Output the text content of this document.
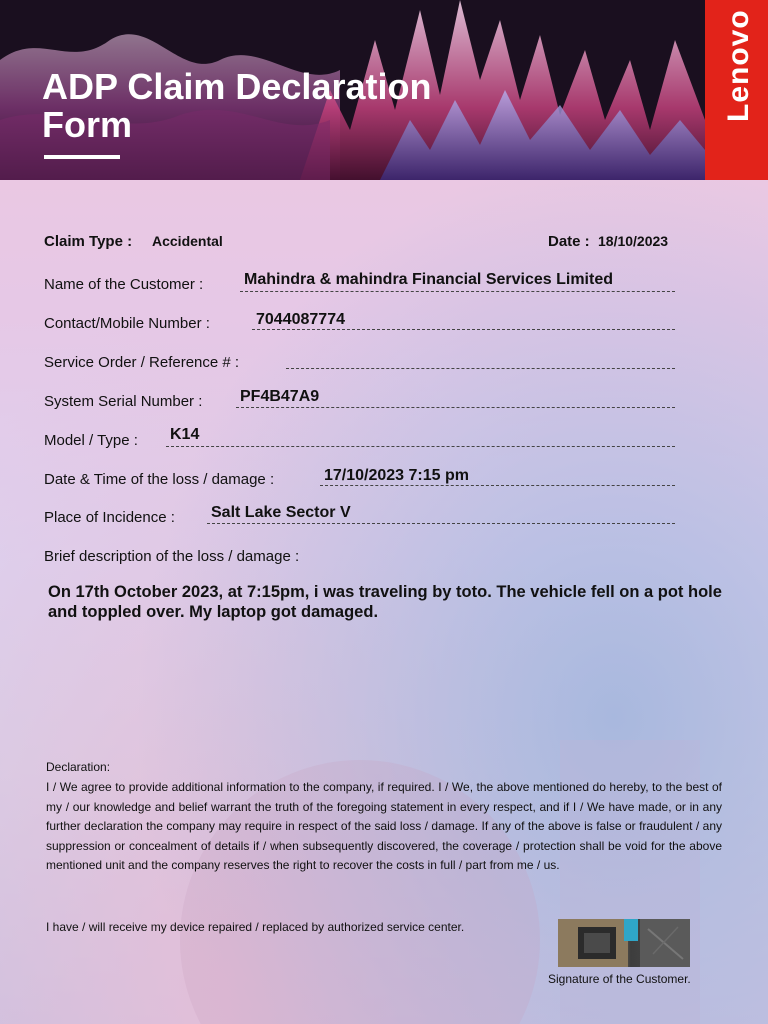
ADP Claim Declaration Form
Lenovo
Claim Type : Accidental	Date : 18/10/2023
Name of the Customer :	Mahindra & mahindra Financial Services Limited
Contact/Mobile Number :	7044087774
Service Order / Reference # :
System Serial Number : PF4B47A9
Model / Type : K14
Date & Time of the loss / damage :	17/10/2023 7:15 pm
Place of Incidence : Salt Lake Sector V
Brief description of the loss / damage :
On 17th October 2023, at 7:15pm, i was traveling by toto. The vehicle fell on a pot hole and toppled over. My laptop got damaged.
Declaration:
I / We agree to provide additional information to the company, if required. I / We, the above mentioned do hereby, to the best of my / our knowledge and belief warrant the truth of the foregoing statement in every respect, and if I / We have made, or in any further declaration the company may require in respect of the said loss / damage. If any of the above is false or fraudulent / any suppression or concealment of details if / when subsequently discovered, the coverage / protection shall be void for the above mentioned unit and the company reserves the right to recover the costs in full / part from me / us.
I have / will receive my device repaired / replaced by authorized service center.
Signature of the Customer.
